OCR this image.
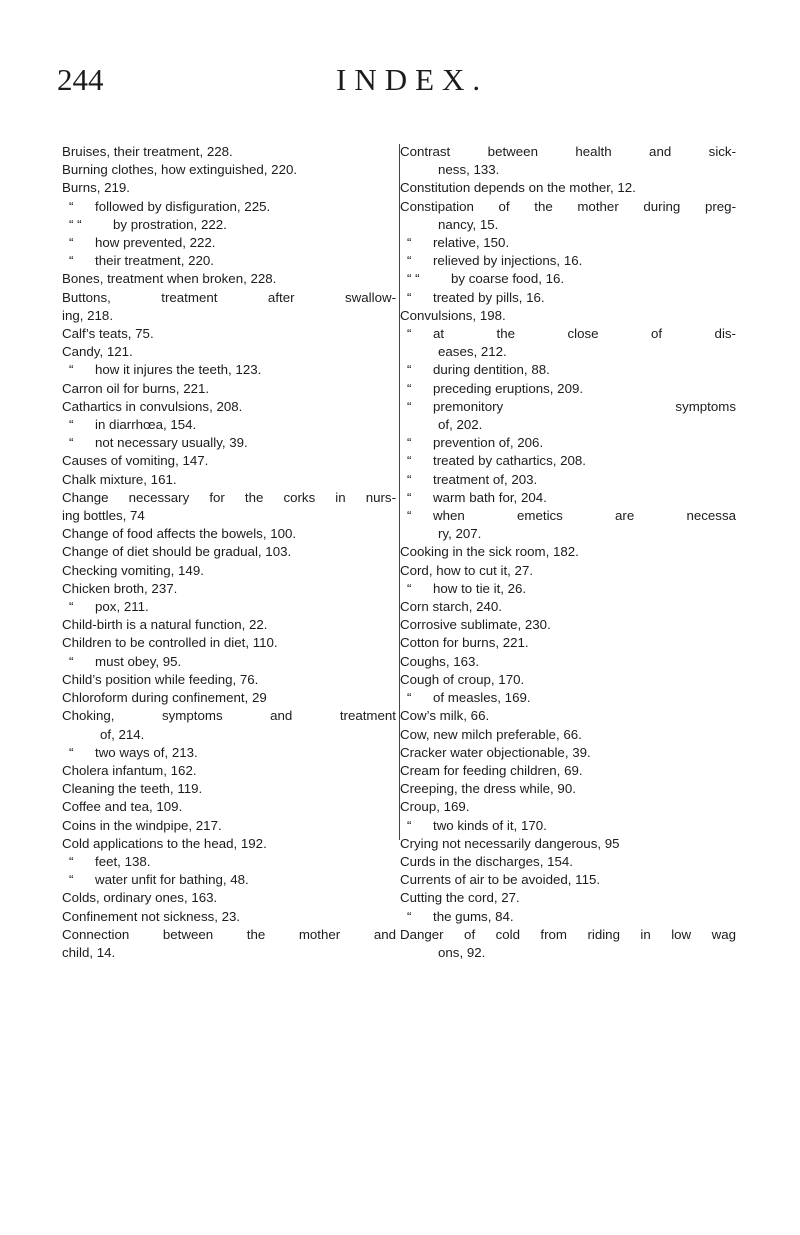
244	INDEX.

Bruises, their treatment, 228.

Burning clothes, how extinguished, 220.

Burns, 219.

“ followed by disfiguration, 225.

“ “ by prostration, 222.

“ how prevented, 222.

“ their treatment, 220.

Bones, treatment when broken, 228.

Buttons, treatment after swallow-

ing, 218.

Calf’s teats, 75.

Candy, 121.

“ how it injures the teeth, 123.

Carron oil for burns, 221.

Cathartics in convulsions, 208.

“ in diarrhœa, 154.

“ not necessary usually, 39.

Causes of vomiting, 147.

Chalk mixture, 161.

Change necessary for the corks in nurs-

ing bottles, 74

Change of food affects the bowels, 100.

Change of diet should be gradual, 103.

Checking vomiting, 149.

Chicken broth, 237.

“ pox, 211.

Child-birth is a natural function, 22.

Children to be controlled in diet, 110.

“ must obey, 95.

Child’s position while feeding, 76.

Chloroform during confinement, 29

Choking, symptoms and treatment

of, 214.

“ two ways of, 213.

Cholera infantum, 162.

Cleaning the teeth, 119.

Coffee and tea, 109.

Coins in the windpipe, 217.

Cold applications to the head, 192.

“ feet, 138.

“ water unfit for bathing, 48.

Colds, ordinary ones, 163.

Confinement not sickness, 23.

Connection between the mother and

child, 14.

Contrast between health and sick-

ness, 133.

Constitution depends on the mother, 12.

Constipation of the mother during preg-

nancy, 15.

“ relative, 150.

“ relieved by injections, 16.

“ “ by coarse food, 16.

“ treated by pills, 16.

Convulsions, 198.

“ at the close of dis-

eases, 212.

“ during dentition, 88.

“ preceding eruptions, 209.

“ premonitory symptoms

of, 202.

“ prevention of, 206.

“ treated by cathartics, 208.

“ treatment of, 203.

“ warm bath for, 204.

“ when emetics are necessa

ry, 207.

Cooking in the sick room, 182.

Cord, how to cut it, 27.

“ how to tie it, 26.

Corn starch, 240.

Corrosive sublimate, 230.

Cotton for burns, 221.

Coughs, 163.

Cough of croup, 170.

“ of measles, 169.

Cow’s milk, 66.

Cow, new milch preferable, 66.

Cracker water objectionable, 39.

Cream for feeding children, 69.

Creeping, the dress while, 90.

Croup, 169.

“ two kinds of it, 170.

Crying not necessarily dangerous, 95

Curds in the discharges, 154.

Currents of air to be avoided, 115.

Cutting the cord, 27.

“ the gums, 84.

Danger of cold from riding in low wag

ons, 92.
